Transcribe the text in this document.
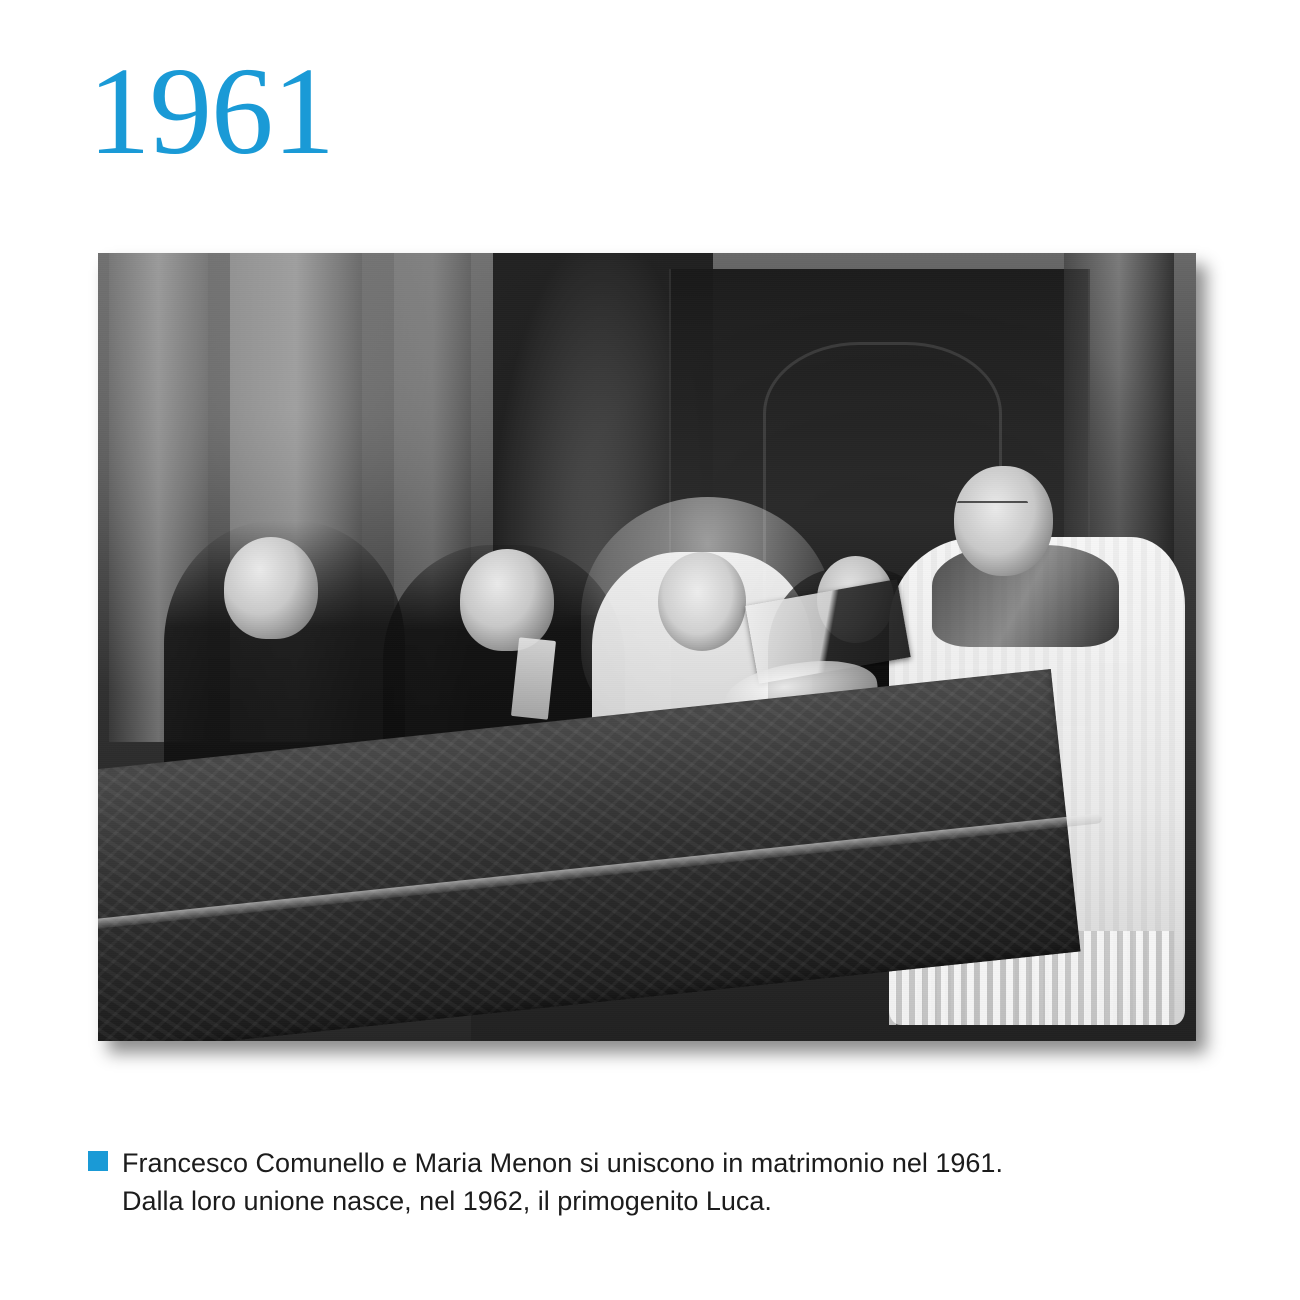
1961
Francesco Comunello e Maria Menon si uniscono in matrimonio nel 1961.
Dalla loro unione nasce, nel 1962, il primogenito Luca.
